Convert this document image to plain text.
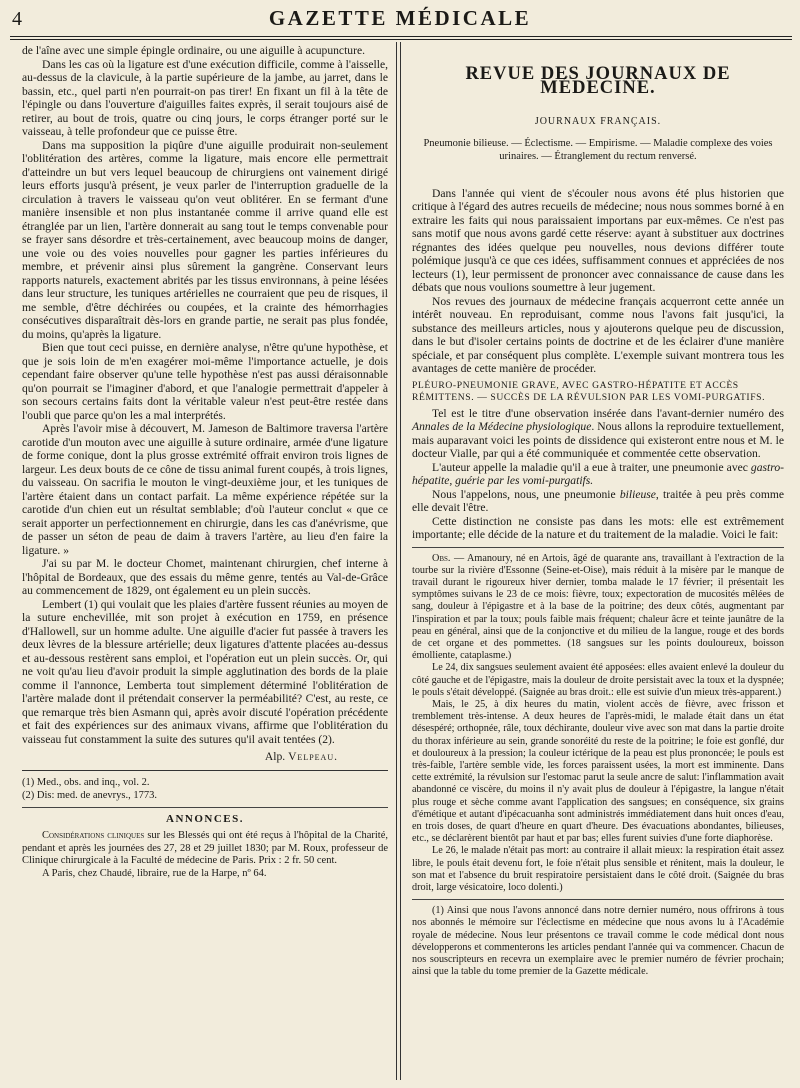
4	GAZETTE MÉDICALE

de l'aîne avec une simple épingle ordinaire, ou une aiguille à acupuncture.

Dans les cas où la ligature est d'une exécution difficile, comme à l'aisselle, au-dessus de la clavicule, à la partie supérieure de la jambe, au jarret, dans le bassin, etc., quel parti n'en pourrait-on pas tirer! En fixant un fil à la tête de l'épingle ou dans l'ouverture d'aiguilles faites exprès, il serait toujours aisé de retirer, au bout de trois, quatre ou cinq jours, le corps étranger porté sur le vaisseau, à telle profondeur que ce puisse être.

Dans ma supposition la piqûre d'une aiguille produirait non-seulement l'oblitération des artères, comme la ligature, mais encore elle permettrait d'atteindre un but vers lequel beaucoup de chirurgiens ont vainement dirigé leurs efforts jusqu'à présent, je veux parler de l'interruption graduelle de la circulation à travers le vaisseau qu'on veut oblitérer. En se fermant d'une manière insensible et non plus instantanée comme il arrive quand elle est étranglée par un lien, l'artère donnerait au sang tout le temps convenable pour se frayer sans désordre et très-certainement, avec beaucoup moins de danger, une voie ou des voies nouvelles pour gagner les parties inférieures du membre, et prévenir ainsi plus sûrement la gangrène. Conservant leurs rapports naturels, exactement abrités par les tissus environnans, à peine lésées dans leur structure, les tuniques artérielles ne courraient que peu de risques, il me semble, d'être déchirées ou coupées, et la crainte des hémorrhagies consécutives disparaîtrait dès-lors en grande partie, ne serait pas plus fondée, du moins, qu'après la ligature.

Bien que tout ceci puisse, en dernière analyse, n'être qu'une hypothèse, et que je sois loin de m'en exagérer moi-même l'importance actuelle, je dois cependant faire observer qu'une telle hypothèse n'est pas aussi déraisonnable qu'on pourrait se l'imaginer d'abord, et que l'analogie permettrait d'appeler à son secours certains faits dont la véritable valeur n'est peut-être restée dans l'oubli que parce qu'on les a mal interprétés.

Après l'avoir mise à découvert, M. Jameson de Baltimore traversa l'artère carotide d'un mouton avec une aiguille à suture ordinaire, armée d'une ligature de forme conique, dont la plus grosse extrémité offrait environ trois lignes de largeur. Les deux bouts de ce cône de tissu animal furent coupés, à trois lignes, du vaisseau. On sacrifia le mouton le vingt-deuxième jour, et les tuniques de l'artère étaient dans un contact parfait. La même expérience répétée sur la carotide d'un chien eut un résultat semblable; d'où l'auteur conclut « que ce serait apporter un perfectionnement en chirurgie, dans les cas d'anévrisme, que de passer un séton de peau de daim à travers l'artère, au lieu d'en faire la ligature. »

J'ai su par M. le docteur Chomet, maintenant chirurgien, chef interne à l'hôpital de Bordeaux, que des essais du même genre, tentés au Val-de-Grâce au commencement de 1829, ont également eu un plein succès.

Lembert (1) qui voulait que les plaies d'artère fussent réunies au moyen de la suture enchevillée, mit son projet à exécution en 1759, en présence d'Hallowell, sur un homme adulte. Une aiguille d'acier fut passée à travers les deux lèvres de la blessure artérielle; deux ligatures d'attente placées au-dessus et au-dessous restèrent sans emploi, et l'opération eut un plein succès. Or, qui ne voit qu'au lieu d'avoir produit la simple agglutination des bords de la plaie comme il l'annonce, Lemberta tout simplement déterminé l'oblitération de l'artère malade dont il prétendait conserver la perméabilité? C'est, au reste, ce que remarque très bien Asmann qui, après avoir discuté l'opération précédente et fait des expériences sur des animaux vivans, affirme que l'oblitération du vaisseau fut constamment la suite des sutures qu'il avait tentées (2).

Alp. Velpeau.
(1) Med., obs. and inq., vol. 2.
(2) Dis: med. de anevrys., 1773.
ANNONCES.

Considérations cliniques sur les Blessés qui ont été reçus à l'hôpital de la Charité, pendant et après les journées des 27, 28 et 29 juillet 1830; par M. Roux, professeur de Clinique chirurgicale à la Faculté de médecine de Paris. Prix : 2 fr. 50 cent.

A Paris, chez Chaudé, libraire, rue de la Harpe, nº 64.

REVUE DES JOURNAUX DE MÉDECINE.
JOURNAUX FRANÇAIS.
Pneumonie bilieuse. — Éclectisme. — Empirisme. — Maladie complexe des voies urinaires. — Étranglement du rectum renversé.

Dans l'année qui vient de s'écouler nous avons été plus historien que critique à l'égard des autres recueils de médecine; nous nous sommes borné à en extraire les faits qui nous paraissaient importans par eux-mêmes. Ce n'est pas sans motif que nous avons gardé cette réserve: ayant à substituer aux doctrines régnantes des idées quelque peu nouvelles, nous devions différer toute polémique jusqu'à ce que ces idées, suffisamment connues et appréciées de nos lecteurs (1), leur permissent de prononcer avec connaissance de cause dans les débats que nous voulions soumettre à leur jugement.

Nos revues des journaux de médecine français acquerront cette année un intérêt nouveau. En reproduisant, comme nous l'avons fait jusqu'ici, la substance des meilleurs articles, nous y ajouterons quelque peu de discussion, dans le but d'isoler certains points de doctrine et de les éclairer d'une manière spéciale, et par conséquent plus complète. L'exemple suivant montrera tous les avantages de cette manière de procéder.

PLÉURO-PNEUMONIE GRAVE, AVEC GASTRO-HÉPATITE ET ACCÈS RÉMITTENS. — SUCCÈS DE LA RÉVULSION PAR LES VOMI-PURGATIFS.

Tel est le titre d'une observation insérée dans l'avant-dernier numéro des Annales de la Médecine physiologique. Nous allons la reproduire textuellement, mais auparavant voici les points de dissidence qui existeront entre nous et M. le docteur Vialle, par qui a été communiquée et commentée cette observation.

L'auteur appelle la maladie qu'il a eue à traiter, une pneumonie avec gastro-hépatite, guérie par les vomi-purgatifs.

Nous l'appelons, nous, une pneumonie bilieuse, traitée à peu près comme elle devait l'être.

Cette distinction ne consiste pas dans les mots: elle est extrêmement importante; elle décide de la nature et du traitement de la maladie. Voici le fait:

Obs. — Amanoury, né en Artois, âgé de quarante ans, travaillant à l'extraction de la tourbe sur la rivière d'Essonne (Seine-et-Oise), mais réduit à la misère par le manque de travail durant le rigoureux hiver dernier, tomba malade le 17 février; il présentait les symptômes suivans le 23 de ce mois: fièvre, toux; expectoration de mucosités mêlées de sang, douleur à l'épigastre et à la base de la poitrine; des deux côtés, augmentant par l'inspiration et par la toux; pouls faible mais fréquent; chaleur âcre et teinte jaunâtre de la peau en général, ainsi que de la conjonctive et du milieu de la langue, rouge et des bords de cet organe et des pommettes. (18 sangsues sur les points douloureux, boisson émolliente, cataplasme.)

Le 24, dix sangsues seulement avaient été apposées: elles avaient enlevé la douleur du côté gauche et de l'épigastre, mais la douleur de droite persistait avec la toux et la dyspnée; le pouls s'était développé. (Saignée au bras droit.: elle est suivie d'un mieux très-apparent.)

Mais, le 25, à dix heures du matin, violent accès de fièvre, avec frisson et tremblement très-intense. A deux heures de l'après-midi, le malade était dans un état désespéré; orthopnée, râle, toux déchirante, douleur vive avec son mat dans la partie droite du thorax inférieure au sein, grande sonoréité du reste de la poitrine; le foie est gonflé, dur et douloureux à la pression; la couleur ictérique de la peau est plus prononcée; le pouls est très-faible, l'artère semble vide, les forces paraissent usées, la mort est imminente. Dans cette extrémité, la révulsion sur l'estomac parut la seule ancre de salut: l'inflammation avait abandonné ce viscère, du moins il n'y avait plus de douleur à l'épigastre, la langue n'était plus rouge et sèche comme avant l'application des sangsues; en conséquence, six grains d'émétique et autant d'ipécacuanha sont administrés immédiatement dans huit onces d'eau, en trois doses, de quart d'heure en quart d'heure. Des évacuations abondantes, bilieuses, etc., se déclarèrent bientôt par haut et par bas; elles furent suivies d'une forte diaphorèse.

Le 26, le malade n'était pas mort: au contraire il allait mieux: la respiration était assez libre, le pouls était devenu fort, le foie n'était plus sensible et rénitent, mais la douleur, le son mat et l'absence du bruit respiratoire persistaient dans le côté droit. (Saignée du bras droit, large vésicatoire, loco dolenti.)

(1) Ainsi que nous l'avons annoncé dans notre dernier numéro, nous offrirons à tous nos abonnés le mémoire sur l'éclectisme en médecine que nous avons lu à l'Académie royale de médecine. Nous leur présentons ce travail comme le code médical dont nous développerons et commenterons les articles pendant l'année qui va commencer. Chacun de nos souscripteurs en recevra un exemplaire avec le premier numéro de février prochain; ainsi que la table du tome premier de la Gazette médicale.
